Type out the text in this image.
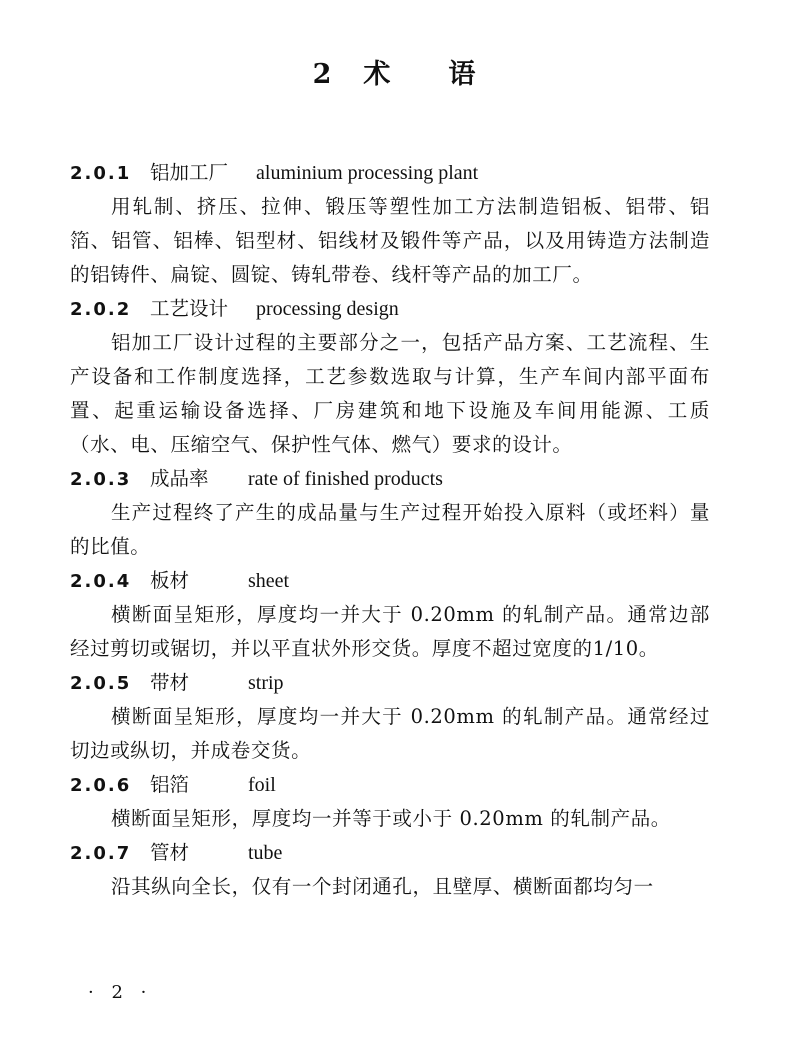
2 术 语

2.0.1 铝加工厂 aluminium processing plant

用轧制、挤压、拉伸、锻压等塑性加工方法制造铝板、铝带、铝箔、铝管、铝棒、铝型材、铝线材及锻件等产品，以及用铸造方法制造的铝铸件、扁锭、圆锭、铸轧带卷、线杆等产品的加工厂。

2.0.2 工艺设计 processing design

铝加工厂设计过程的主要部分之一，包括产品方案、工艺流程、生产设备和工作制度选择，工艺参数选取与计算，生产车间内部平面布置、起重运输设备选择、厂房建筑和地下设施及车间用能源、工质（水、电、压缩空气、保护性气体、燃气）要求的设计。

2.0.3 成品率 rate of finished products

生产过程终了产生的成品量与生产过程开始投入原料（或坯料）量的比值。

2.0.4 板材	sheet

横断面呈矩形，厚度均一并大于 0.20mm 的轧制产品。通常边部经过剪切或锯切，并以平直状外形交货。厚度不超过宽度的1/10。

2.0.5 带材	strip

横断面呈矩形，厚度均一并大于 0.20mm 的轧制产品。通常经过切边或纵切，并成卷交货。

2.0.6 铝箔	foil

横断面呈矩形，厚度均一并等于或小于 0.20mm 的轧制产品。

2.0.7 管材	tube

沿其纵向全长，仅有一个封闭通孔，且壁厚、横断面都均匀一

· 2 ·
